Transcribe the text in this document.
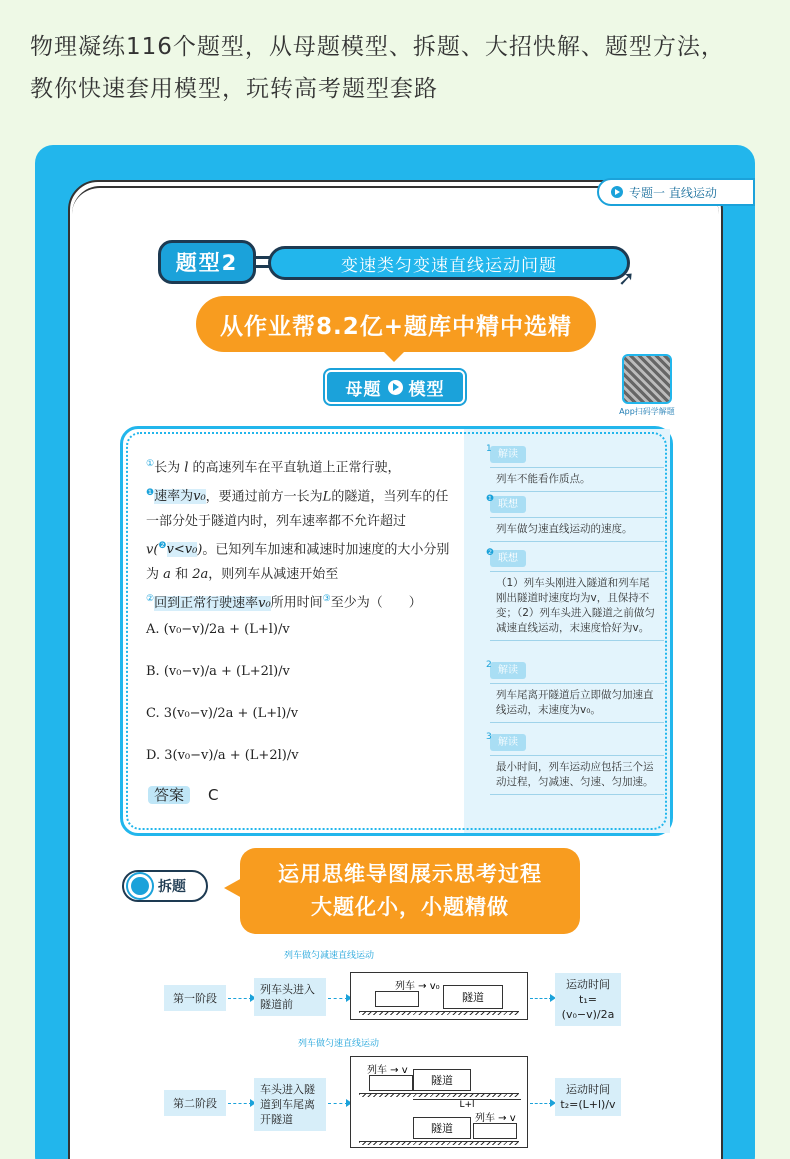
物理凝练116个题型，从母题模型、拆题、大招快解、题型方法，
教你快速套用模型，玩转高考题型套路
专题一 直线运动
题型2	变速类匀变速直线运动问题
➚
从作业帮8.2亿+题库中精中选精
App扫码学解题
母题 模型
①长为 l 的高速列车在平直轨道上正常行驶，
$^❶$速率为v₀，要通过前方一长为L的隧道，当列车的任一部分处于隧道内时，列车速率都不允许超过v($^❷$v<v₀)。已知列车加速和减速时加速度的大小分别为 a 和 2a，则列车从减速开始至
②回到正常行驶速率v₀所用时间③至少为（　　）
A. (v₀−v)/2a + (L+l)/v
B. (v₀−v)/a + (L+2l)/v
C. 3(v₀−v)/2a + (L+l)/v
D. 3(v₀−v)/a + (L+2l)/v
答案 C
1 解读
列车不能看作质点。
❶ 联想
列车做匀速直线运动的速度。
❷ 联想
（1）列车头刚进入隧道和列车尾刚出隧道时速度均为v，且保持不变；（2）列车头进入隧道之前做匀减速直线运动，末速度恰好为v。
2 解读
列车尾离开隧道后立即做匀加速直线运动，末速度为v₀。
3 解读
最小时间，列车运动应包括三个运动过程，匀减速、匀速、匀加速。
拆题
运用思维导图展示思考过程
大题化小，小题精做
列车做匀减速直线运动
第一阶段
列车头进入隧道前
列车 → v₀
隧道
运动时间
t₁=(v₀−v)/2a
列车做匀速直线运动
第二阶段
车头进入隧道到车尾离开隧道
列车 → v
隧道
L+l
隧道
列车 → v
运动时间
t₂=(L+l)/v
